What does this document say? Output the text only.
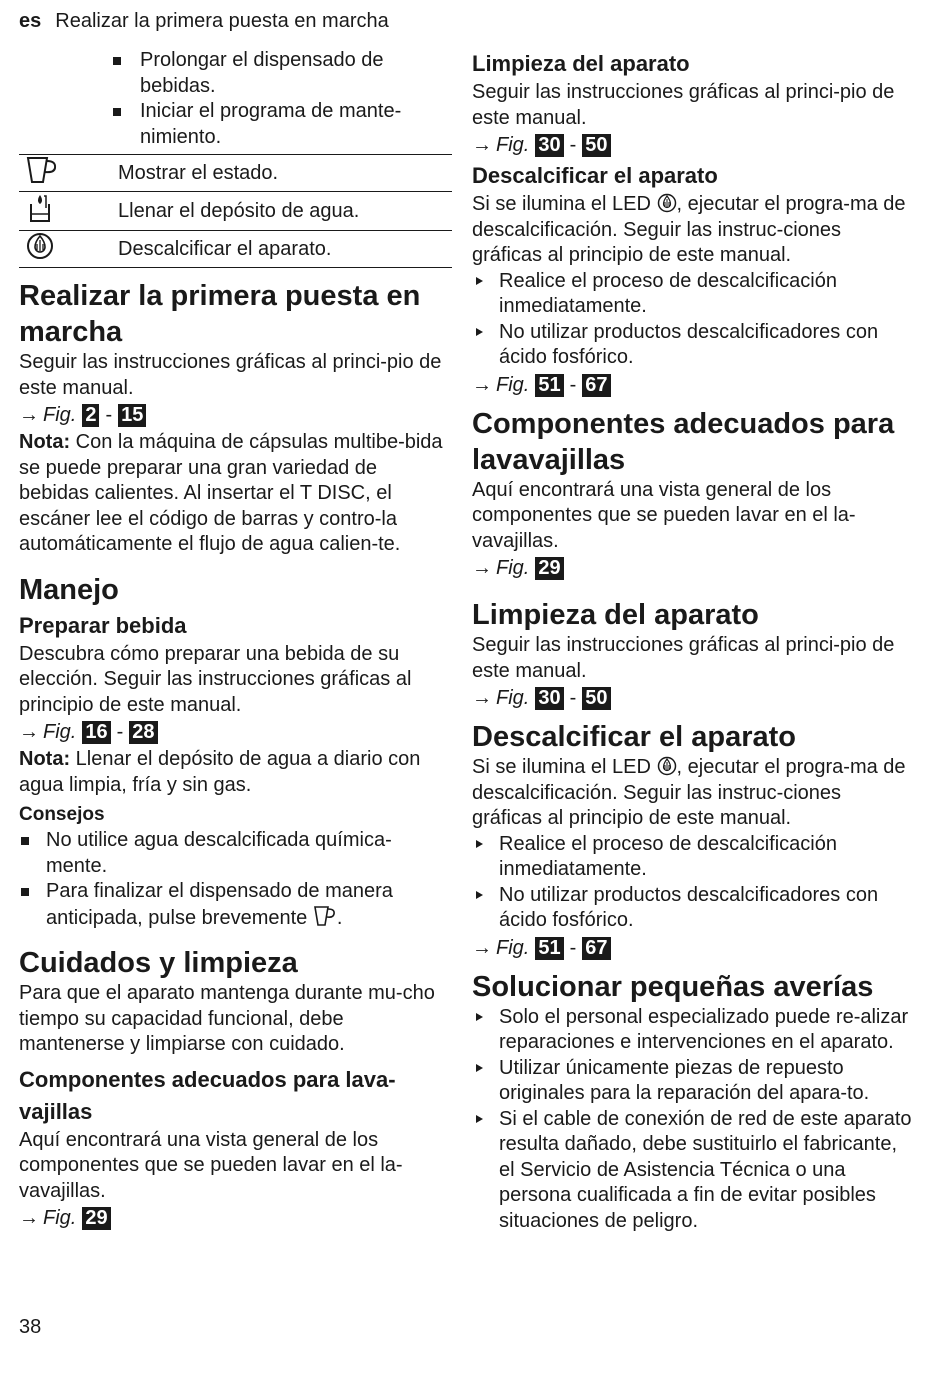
es Realizar la primera puesta en marcha
Prolongar el dispensado de bebidas.
Iniciar el programa de mante-nimiento.
	Mostrar el estado.
	Llenar el depósito de agua.
	Descalcificar el aparato.
Realizar la primera puesta en marcha

Seguir las instrucciones gráficas al princi-pio de este manual.

→ Fig. 2 - 15

Nota: Con la máquina de cápsulas multibe-bida se puede preparar una gran variedad de bebidas calientes. Al insertar el T DISC, el escáner lee el código de barras y contro-la automáticamente el flujo de agua calien-te.

Manejo
Preparar bebida

Descubra cómo preparar una bebida de su elección. Seguir las instrucciones gráficas al principio de este manual.

→ Fig. 16 - 28

Nota: Llenar el depósito de agua a diario con agua limpia, fría y sin gas.

Consejos
No utilice agua descalcificada química-mente.
Para finalizar el dispensado de manera anticipada, pulse brevemente .
Cuidados y limpieza

Para que el aparato mantenga durante mu-cho tiempo su capacidad funcional, debe mantenerse y limpiarse con cuidado.

Componentes adecuados para lava-vajillas

Aquí encontrará una vista general de los componentes que se pueden lavar en el la-vavajillas.

→ Fig. 29
Limpieza del aparato

Seguir las instrucciones gráficas al princi-pio de este manual.

→ Fig. 30 - 50
Descalcificar el aparato

Si se ilumina el LED , ejecutar el progra-ma de descalcificación. Seguir las instruc-ciones gráficas al principio de este manual.

Realice el proceso de descalcificación inmediatamente.
No utilizar productos descalcificadores con ácido fosfórico.
→ Fig. 51 - 67
Componentes adecuados para lavavajillas

Aquí encontrará una vista general de los componentes que se pueden lavar en el la-vavajillas.

→ Fig. 29
Limpieza del aparato

Seguir las instrucciones gráficas al princi-pio de este manual.

→ Fig. 30 - 50
Descalcificar el aparato

Si se ilumina el LED , ejecutar el progra-ma de descalcificación. Seguir las instruc-ciones gráficas al principio de este manual.

Realice el proceso de descalcificación inmediatamente.
No utilizar productos descalcificadores con ácido fosfórico.
→ Fig. 51 - 67
Solucionar pequeñas averías
Solo el personal especializado puede re-alizar reparaciones e intervenciones en el aparato.
Utilizar únicamente piezas de repuesto originales para la reparación del apara-to.
Si el cable de conexión de red de este aparato resulta dañado, debe sustituirlo el fabricante, el Servicio de Asistencia Técnica o una persona cualificada a fin de evitar posibles situaciones de peligro.
38
